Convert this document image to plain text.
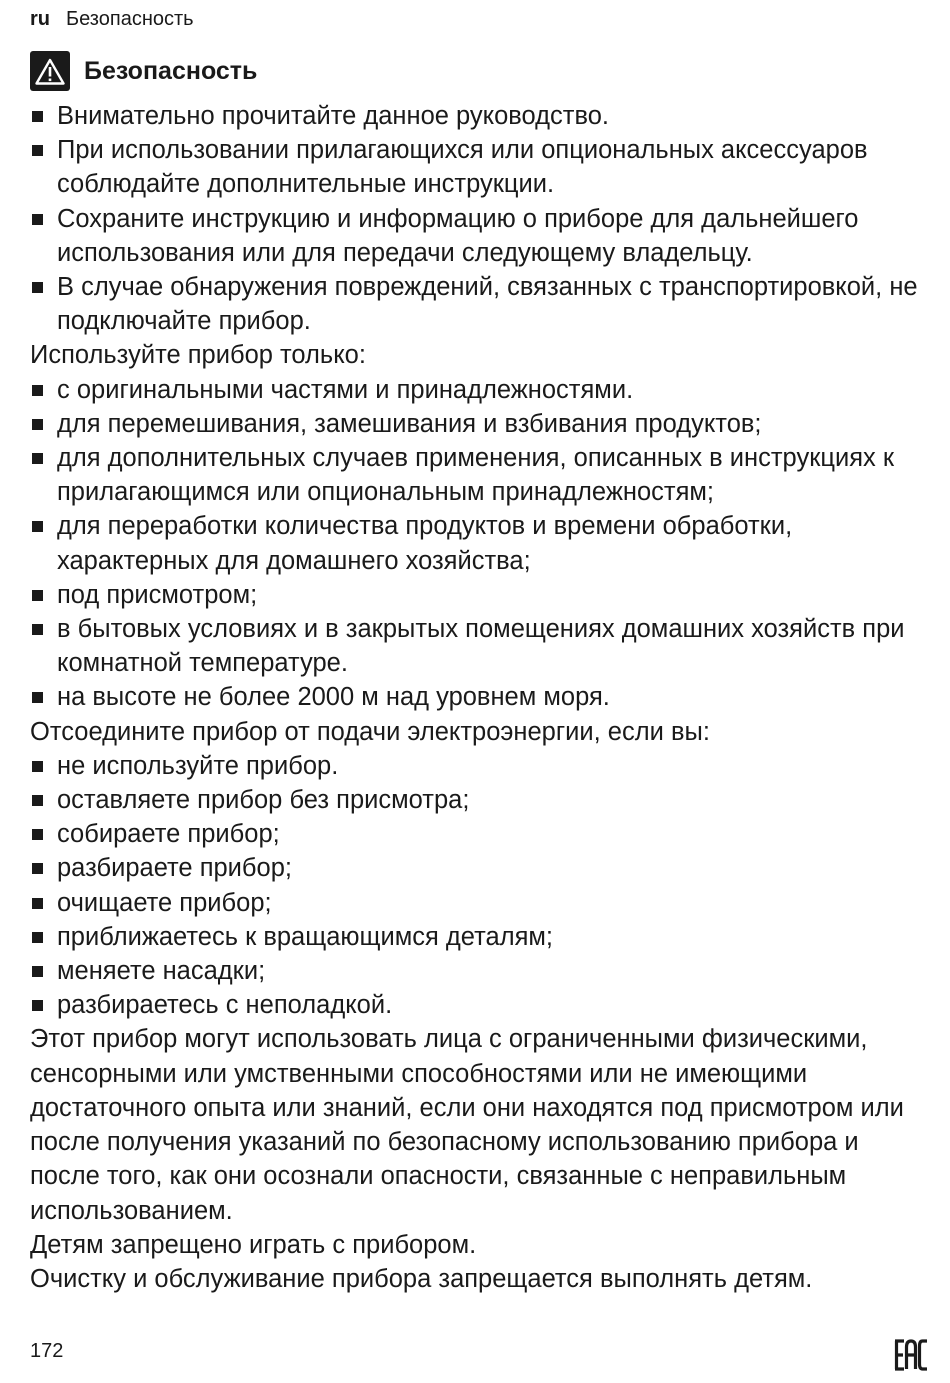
ru Безопасность
Безопасность
Внимательно прочитайте данное руководство.
При использовании прилагающихся или опциональных аксессуаров соблюдайте дополнительные инструкции.
Сохраните инструкцию и информацию о приборе для дальнейшего использования или для передачи следующему владельцу.
В случае обнаружения повреждений, связанных с транспортировкой, не подключайте прибор.

Используйте прибор только:

с оригинальными частями и принадлежностями.
для перемешивания, замешивания и взбивания продуктов;
для дополнительных случаев применения, описанных в инструкциях к прилагающимся или опциональным принадлежностям;
для переработки количества продуктов и времени обработки, характерных для домашнего хозяйства;
под присмотром;
в бытовых условиях и в закрытых помещениях домашних хозяйств при комнатной температуре.
на высоте не более 2000 м над уровнем моря.

Отсоедините прибор от подачи электроэнергии, если вы:

не используйте прибор.
оставляете прибор без присмотра;
собираете прибор;
разбираете прибор;
очищаете прибор;
приближаетесь к вращающимся деталям;
меняете насадки;
разбираетесь с неполадкой.

Этот прибор могут использовать лица с ограниченными физическими, сенсорными или умственными способностями или не имеющими достаточного опыта или знаний, если они находятся под присмотром или после получения указаний по безопасному использованию прибора и после того, как они осознали опасности, связанные с неправильным использованием.

Детям запрещено играть с прибором.

Очистку и обслуживание прибора запрещается выполнять детям.

172
